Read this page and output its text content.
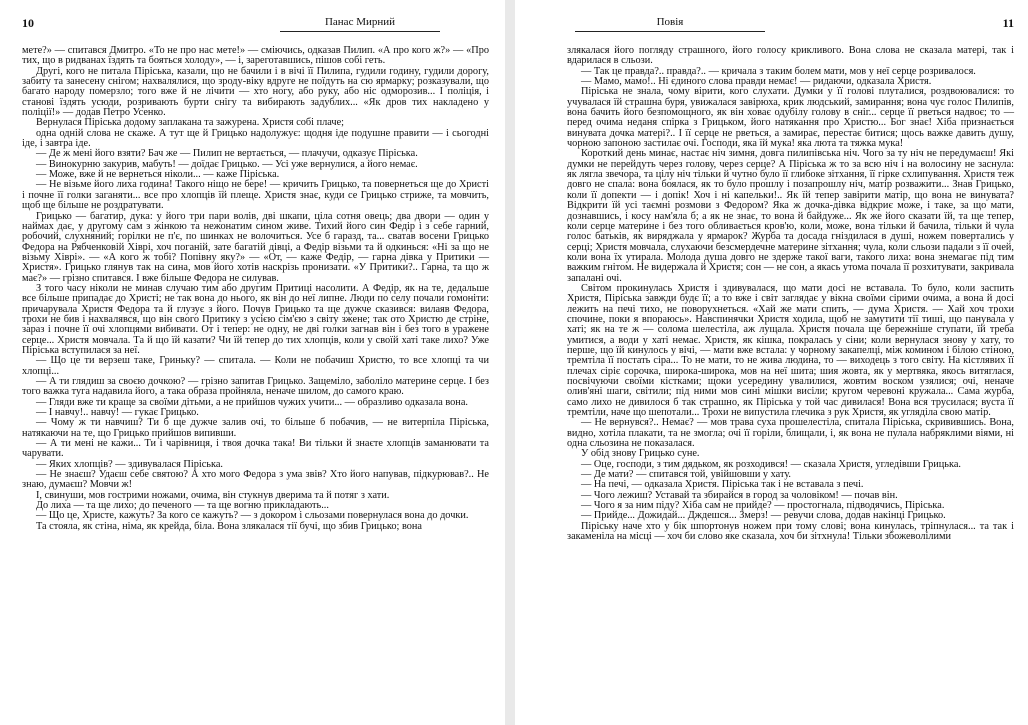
10	Панас Мирний

мете?» — спитався Дмитро. «То не про нас мете!» — сміючись, одказав Пилип. «А про кого ж?» — «Про тих, що в ридванах їздять та бояться холоду», — і, зареготавшись, пішов собі геть.

Другі, кого не питала Піріська, казали, що не бачили і в вічі її Пилипа, гудили годину, гудили дорогу, забиту та занесену снігом; нахвалялися, що зроду-віку вдруге не поїдуть на сю ярмарку; розказували, що багато народу померзло; того вже й не лічити — хто ногу, або руку, або ніс одморозив... І поліція, і станові їздять усюди, розривають бурти снігу та вибирають задублих... «Як дров тих накладено у поліції!» — додав Петро Усенко.

Вернулася Піріська додому заплакана та зажурена. Христя собі плаче;

одна одній слова не скаже. А тут ще й Грицько надолужує: щодня іде подушне правити — і сьогодні іде, і завтра іде.

— Де ж мені його взяти? Бач же — Пилип не вертається, — плачучи, одказує Піріська.

— Винокурню закурив, мабуть! — доїдає Грицько. — Усі уже вернулися, а його немає.

— Може, вже й не вернеться ніколи... — каже Піріська.

— Не візьме його лиха година! Такого ніщо не бере! — кричить Грицько, та повернеться ще до Христі і почне її голки заганяти... все про хлопців їй плеще. Христя знає, куди се Грицько стриже, та мовчить, щоб ще більше не роздратувати.

Грицько — багатир, дука: у його три пари волів, дві шкапи, ціла сотня овець; два двори — один у наймах дає, у другому сам з жінкою та нежонатим сином живе. Тихий його син Федір і з себе гарний, робочий, слухняний; горілки не п'є, по шинках не волочиться. Усе б гаразд, та... сватав восени Грицько Федора на Рябченковій Хіврі, хоч поганій, зате багатій дівці, а Федір візьми та й одкинься: «Ні за що не візьму Хіврі». — «А кого ж тобі? Попівну яку?» — «От, — каже Федір, — гарна дівка у Притики — Христя». Грицько глянув так на сина, мов його хотів наскрізь пронизати. «У Притики?.. Гарна, та що ж має?» — грізно спитався. І вже більше Федора не силував.

З того часу ніколи не минав случаю тим або другим Притиці насолити. А Федір, як на те, дедальше все більше припадає до Христі; не так вона до нього, як він до неї липне. Люди по селу почали гомоніти: причарувала Христя Федора та й глузує з його. Почув Грицько та ще дужче сказився: вилаяв Федора, трохи не бив і нахвалявся, що він свого Притику з усією сім'єю з світу зжене; так ото Христю де стріне, зараз і почне її очі хлопцями вибивати. От і тепер: не одну, не дві голки загнав він і без того в уражене серце... Христя мовчала. Та й що їй казати? Чи їй тепер до тих хлопців, коли у своїй хаті таке лихо? Уже Піріська вступилася за неї.

— Що це ти верзеш таке, Гриньку? — спитала. — Коли не побачиш Христю, то все хлопці та чи хлопці...

— А ти глядиш за своєю дочкою? — грізно запитав Грицько. Защеміло, заболіло материне серце. І без того важка туга надавила його, а така образа пройняла, неначе шилом, до самого краю.

— Гляди вже ти краще за своїми дітьми, а не прийшов чужих учити... — образливо одказала вона.

— І навчу!.. навчу! — гукає Грицько.

— Чому ж ти навчиш? Ти б ще дужче залив очі, то більше б побачив, — не витерпіла Піріська, натякаючи на те, що Грицько прийшов випивши.

— А ти мені не кажи... Ти і чарівниця, і твоя дочка така! Ви тільки й знаєте хлопців заманювати та чарувати.

— Яких хлопців? — здивувалася Піріська.

— Не знаєш? Удаєш себе святою? А хто мого Федора з ума звів? Хто його напував, підкурював?.. Не знаю, думаєш? Мовчи ж!

І, свинуши, мов гострими ножами, очима, він стукнув дверима та й потяг з хати.

До лиха — та ще лихо; до печеного — та ще вогню прикладають...

— Що це, Христе, кажуть? За кого се кажуть? — з докором і сльозами повернулася вона до дочки.

Та стояла, як стіна, німа, як крейда, біла. Вона злякалася тії бучі, що збив Грицько; вона

Повія	11

злякалася його погляду страшного, його голосу крикливого. Вона слова не сказала матері, так і вдарилася в сльози.

— Так це правда?.. правда?.. — кричала з таким болем мати, мов у неї серце розривалося.

— Мамо, мамо!.. Ні єдиного слова правди немає! — ридаючи, одказала Христя.

Піріська не знала, чому вірити, кого слухати. Думки у її голові плуталися, роздвоювалися: то учувалася їй страшна буря, увижалася завірюха, крик людський, замирання; вона чує голос Пилипів, вона бачить його безпомощного, як він ховає одубілу голову в сніг... серце її рветься надвоє; то — перед очима неданя спірка з Грицьком, його натякання про Христю... Бог знає! Хіба признається винувата дочка матері?.. І її серце не рветься, а замирає, перестає битися; щось важке давить душу, чорною запоною застилає очі. Господи, яка їй мука! яка люта та тяжка мука!

Короткий день минає, настає ніч зимня, довга пилипівська ніч. Чого за ту ніч не передумаєш! Які думки не перейдуть через голову, через серце? А Піріська ж то за всю ніч і на волосину не заснула: як лягла звечора, та цілу ніч тільки й чутно було її глибоке зітхання, її гірке схлипування. Христя теж довго не спала: вона боялася, як то було прошлу і позапрошлу ніч, матір розважити... Знав Грицько, коли її допекти — і допік! Хоч і ні капельки!.. Як їй тепер завірити матір, що вона не винувата? Відкрити їй усі таємні розмови з Федором? Яка ж дочка-дівка відкриє може, і таке, за що мати, дознавшись, і косу нам'яла б; а як не знає, то вона й байдуже... Як же його сказати їй, та ще тепер, коли серце материне і без того обливається кров'ю, коли, може, вона тільки й бачила, тільки й чула голос батьків, як виряджала у ярмарок? Журба та досада гніздилася в душі, ножем повертались у серці; Христя мовчала, слухаючи безсмердечне материне зітхання; чула, коли сльози падали з її очей, коли вона їх утирала. Молода душа довго не здерже такої ваги, такого лиха: вона знемагає під тим важким гнітом. Не видержала й Христя; сон — не сон, а якась утома почала її розхитувати, закривала запалані очі.

Світом прокинулась Христя і здивувалася, що мати досі не вставала. То було, коли заспить Христя, Піріська завжди будє її; а то вже і світ заглядає у вікна своїми сірими очима, а вона й досі лежить на печі тихо, не поворухнеться. «Хай же мати спить, — дума Христя. — Хай хоч трохи спочине, поки я впораюсь». Навспинячки Христя ходила, щоб не замутити тії тиші, що панувала у хаті; як на те ж — солома шелестіла, аж лущала. Христя почала ще бережніше ступати, їй треба умитися, а води у хаті немає. Христя, як кішка, покралась у сіни; коли вернулася знову у хату, то перше, що їй кинулось у вічі, — мати вже встала: у чорному закапелці, між комином і білою стіною, тремтіла її постать сіра... То не мати, то не жива людина, то — виходець з того світу. На кістлявих її плечах сіріє сорочка, широка-широка, мов на неї шита; шия жовта, як у мертвяка, якось витяглася, посвічуючи своїми кістками; щоки усередину увалилися, жовтим воском узялися; очі, неначе олив'яні шаги, світили; під ними мов сині мішки висіли; кругом черевоні кружала... Сама журба, само лихо не дивилося б так страшно, як Піріська у той час дивилася! Вона вся трусилася; вуста її тремтіли, наче що шепотали... Трохи не випустила глечика з рук Христя, як угляділа свою матір.

— Не вернувся?.. Немає? — мов трава суха прошелестіла, спитала Піріська, скривившись. Вона, видно, хотіла плакати, та не змогла; очі її горіли, блищали, і, як вона не пулала набряклими віями, ні одна сльозина не показалася.

У обід знову Грицько суне.

— Оце, господи, з тим дядьком, як розходився! — сказала Христя, угледівши Грицька.

— Де мати? — спитався той, увійшовши у хату.

— На печі, — одказала Христя. Піріська так і не вставала з печі.

— Чого лежиш? Уставай та збирайся в город за чоловіком! — почав він.

— Чого я за ним піду? Хіба сам не прийде? — простогнала, підводячись, Піріська.

— Прийде... Дожидай... Дждешся... Змерз! — ревучи слова, додав накінці Грицько.

Піріську наче хто у бік шпортонув ножем при тому слові; вона кинулась, тріпнулася... та так і закаменіла на місці — хоч би слово яке сказала, хоч би зітхнула! Тільки збожеволілими
